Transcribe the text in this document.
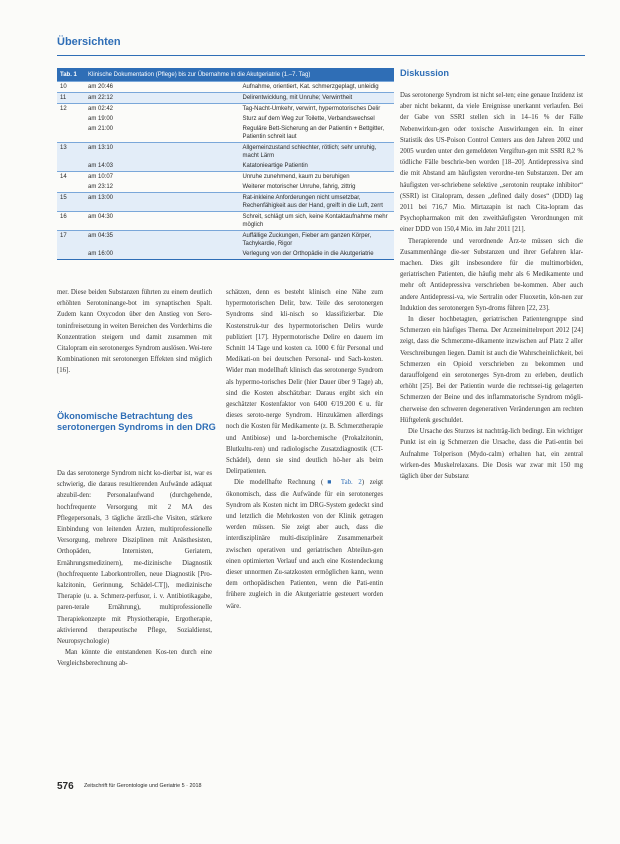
Übersichten
Tab. 1	Klinische Dokumentation (Pflege) bis zur Übernahme in die Akutgeriatrie (1.–7. Tag)	
10	am 20:46	Aufnahme, orientiert, Kat. schmerzgeplagt, unleidig
11	am 22:12	Delirentwicklung, mit Unruhe; Verwirrtheit
12	am 02:42	Tag-Nacht-Umkehr, verwirrt, hypermotorisches Delir
	am 19:00	Sturz auf dem Weg zur Toilette, Verbandswechsel
	am 21:00	Reguläre Bett-Sicherung an der Patientin + Bettgitter, Patientin schreit laut
13	am 13:10	Allgemeinzustand schlechter, rötlich; sehr unruhig, macht Lärm
	am 14:03	Katatonieartige Patientin
14	am 10:07	Unruhe zunehmend, kaum zu beruhigen
	am 23:12	Weiterer motorischer Unruhe, fahrig, zittrig
15	am 13:00	Rat-inkleine Anforderungen nicht umsetzbar, Rechenfähigkeit aus der Hand, greift in die Luft, zerrt
16	am 04:30	Schreit, schlägt um sich, keine Kontaktaufnahme mehr möglich
17	am 04:35	Auffällige Zuckungen, Fieber am ganzen Körper, Tachykardie, Rigor
	am 16:00	Verlegung von der Orthopädie in die Akutgeriatrie

mer. Diese beiden Substanzen führten zu einem deutlich erhöhten Serotoninange-bot im synaptischen Spalt. Zudem kann Oxycodon über den Anstieg von Sero-toninfreisetzung in weiten Bereichen des Vorderhirns die Konzentration steigern und damit zusammen mit Citalopram ein serotonerges Syndrom auslösen. Wei-tere Kombinationen mit serotonergen Effekten sind möglich [16].

Ökonomische Betrachtung des serotonergen Syndroms in den DRG

Da das serotonerge Syndrom nicht ko-dierbar ist, war es schwierig, die daraus resultierenden Aufwände adäquat abzubil-den: Personalaufwand (durchgehende, hochfrequente Versorgung mit 2 MA des Pflegepersonals, 3 tägliche ärztli-che Visiten, stärkere Einbindung von leitenden Ärzten, multiprofessionelle Versorgung, mehrere Disziplinen mit Anästhesisten, Orthopäden, Internisten, Geriatern, Ernährungsmedizinern), me-dizinische Diagnostik (hochfrequente Laborkontrollen, neue Diagnostik [Pro-kalzitonin, Gerinnung, Schädel-CT]), medizinische Therapie (u. a. Schmerz-perfusor, i. v. Antibiotikagabe, paren-terale Ernährung), multiprofessionelle Therapiekonzepte mit Physiotherapie, Ergotherapie, aktivierend therapeutische Pflege, Sozialdienst, Neuropsychologie)

Man könnte die entstandenen Kos-ten durch eine Vergleichsberechnung ab-

schätzen, denn es besteht klinisch eine Nähe zum hypermotorischen Delir, bzw. Teile des serotonergen Syndroms sind kli-nisch so klassifizierbar. Die Kostenstruk-tur des hypermotorischen Delirs wurde publiziert [17]. Hypermotorische Delire en dauern im Schnitt 14 Tage und kosten ca. 1000 € für Personal und Medikati-on bei deutschen Personal- und Sach-kosten. Wider man modellhaft klinisch das serotonerge Syndrom als hypermo-torisches Delir (hier Dauer über 9 Tage) ab, sind die Kosten abschätzbar: Daraus ergibt sich ein geschätzter Kostenfaktor von 6400 €/19.200 € u. für dieses seroto-nerge Syndrom. Hinzukämen allerdings noch die Kosten für Medikamente (z. B. Schmerztherapie und Antibiose) und la-borchemische (Prokalzitonin, Blutkultu-ren) und radiologische Zusatzdiagnostik (CT-Schädel), denn sie sind deutlich hö-her als beim Delirpatienten.

Die modellhafte Rechnung (■ Tab. 2) zeigt ökonomisch, dass die Aufwände für ein serotonerges Syndrom als Kosten nicht im DRG-System gedeckt sind und letztlich die Mehrkosten von der Klinik getragen werden müssen. Sie zeigt aber auch, dass die interdisziplinäre multi-disziplinäre Zusammenarbeit zwischen operativen und geriatrischen Abteilun-gen einen optimierten Verlauf und auch eine Kostendeckung dieser unnormen Zu-satzkosten ermöglichen kann, wenn dem orthopädischen Patienten, wenn die Pati-entin frühere zugleich in die Akutgeriatrie gesteuert worden wäre.

Diskussion

Das serotonerge Syndrom ist nicht sel-ten; eine genaue Inzidenz ist aber nicht bekannt, da viele Ereignisse unerkannt verlaufen. Bei der Gabe von SSRI stellen sich in 14–16 % der Fälle Nebenwirkun-gen oder toxische Auswirkungen ein. In einer Statistik des US-Poison Control Centers aus den Jahren 2002 und 2005 wurden unter den gemeldeten Vergiftun-gen mit SSRI 8,2 % tödliche Fälle beschrie-ben worden [18–20]. Antidepressiva sind die mit Abstand am häufigsten verordne-ten Substanzen. Der am häufigsten ver-schriebene selektive „serotonin reuptake inhibitor“ (SSRI) ist Citalopram, dessen „defined daily doses“ (DDD) lag 2011 bei 716,7 Mio. Mirtazapin ist nach Cita-lopram das Psychopharmakon mit den zweithäufigsten Verordnungen mit einer DDD von 150,4 Mio. im Jahr 2011 [21].

Therapierende und verordnende Ärz-te müssen sich die Zusammenhänge die-ser Substanzen und ihrer Gefahren klar-machen. Dies gilt insbesondere für die multimorbiden, geriatrischen Patienten, die häufig mehr als 6 Medikamente und mehr oft Antidepressiva verschrieben be-kommen. Aber auch andere Antidepressi-va, wie Sertralin oder Fluoxetin, kön-nen zur Induktion des serotonergen Syn-droms führen [22, 23].

In dieser hochbetagten, geriatrischen Patientengruppe sind Schmerzen ein häufiges Thema. Der Arzneimittelreport 2012 [24] zeigt, dass die Schmerzme-dikamente inzwischen auf Platz 2 aller Verschreibungen liegen. Damit ist auch die Wahrscheinlichkeit, bei Schmerzen ein Opioid verschrieben zu bekommen und darauffolgend ein serotonerges Syn-drom zu erleben, deutlich erhöht [25]. Bei der Patientin wurde die rechtssei-tig gelagerten Schmerzen der Beine und des inflammatorische Syndrom mögli-cherweise den schweren degenerativen Veränderungen am rechten Hüftgelenk geschuldet.

Die Ursache des Sturzes ist nachträg-lich bedingt. Ein wichtiger Punkt ist ein ig Schmerzen die Ursache, dass die Pati-entin bei Aufnahme Tolperison (Mydo-calm) erhalten hat, ein zentral wirken-des Muskelrelaxans. Die Dosis war zwar mit 150 mg täglich über der Substanz

576 Zeitschrift für Gerontologie und Geriatrie 5 · 2018
